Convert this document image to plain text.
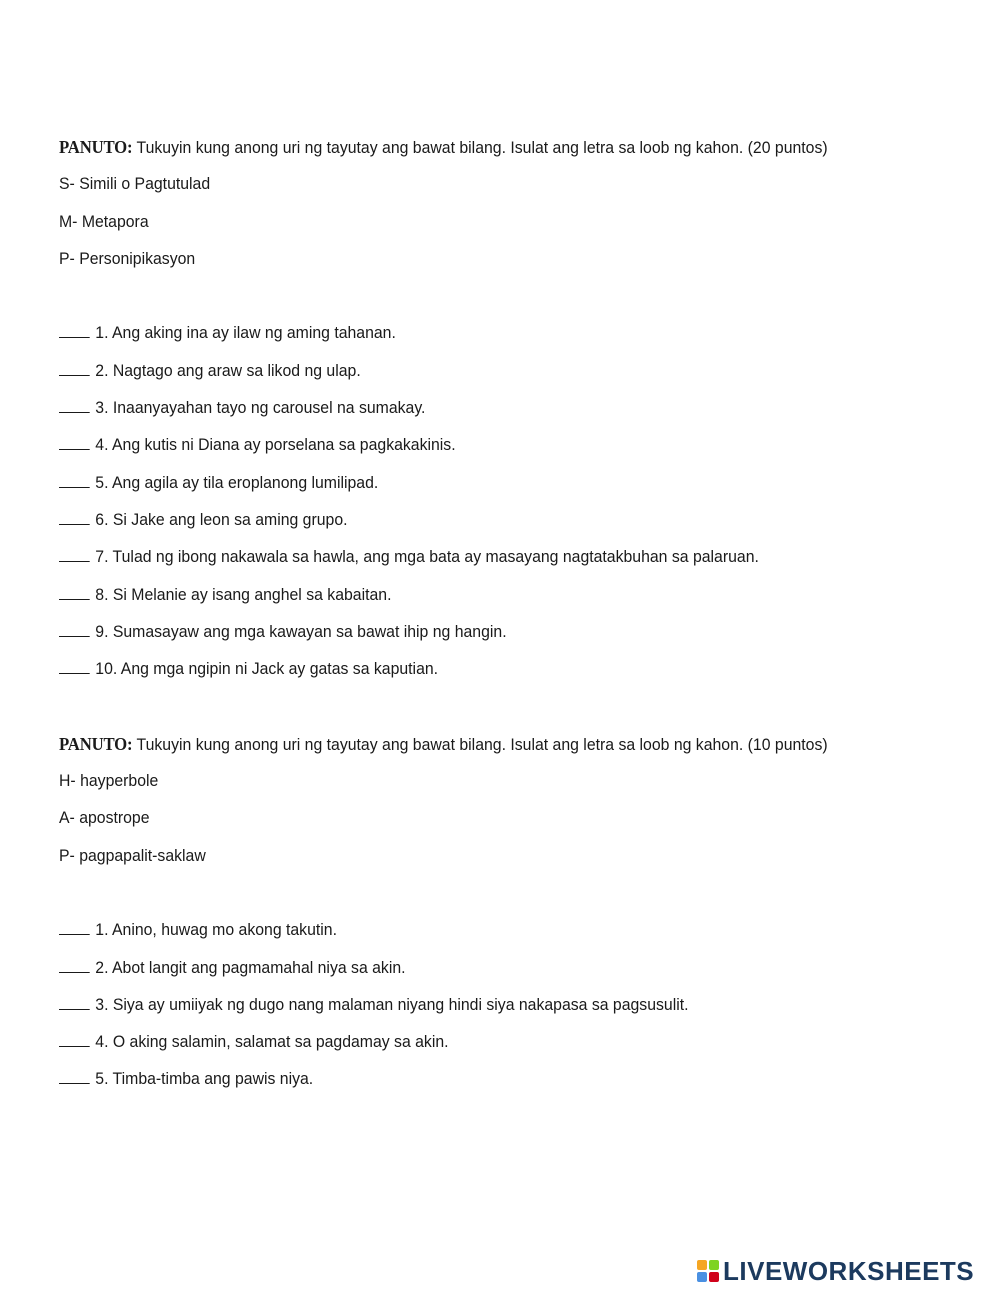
PANUTO: Tukuyin kung anong uri ng tayutay ang bawat bilang. Isulat ang letra sa loob ng kahon. (20 puntos)
S- Simili o Pagtutulad
M- Metapora
P- Personipikasyon
1. Ang aking ina ay ilaw ng aming tahanan.
2. Nagtago ang araw sa likod ng ulap.
3. Inaanyayahan tayo ng carousel na sumakay.
4. Ang kutis ni Diana ay porselana sa pagkakakinis.
5. Ang agila ay tila eroplanong lumilipad.
6. Si Jake ang leon sa aming grupo.
7. Tulad ng ibong nakawala sa hawla, ang mga bata ay masayang nagtatakbuhan sa palaruan.
8. Si Melanie ay isang anghel sa kabaitan.
9. Sumasayaw ang mga kawayan sa bawat ihip ng hangin.
10. Ang mga ngipin ni Jack ay gatas sa kaputian.
PANUTO: Tukuyin kung anong uri ng tayutay ang bawat bilang. Isulat ang letra sa loob ng kahon. (10 puntos)
H- hayperbole
A- apostrope
P- pagpapalit-saklaw
1. Anino, huwag mo akong takutin.
2. Abot langit ang pagmamahal niya sa akin.
3. Siya ay umiiyak ng dugo nang malaman niyang hindi siya nakapasa sa pagsusulit.
4. O aking salamin, salamat sa pagdamay sa akin.
5. Timba-timba ang pawis niya.
LIVEWORKSHEETS
